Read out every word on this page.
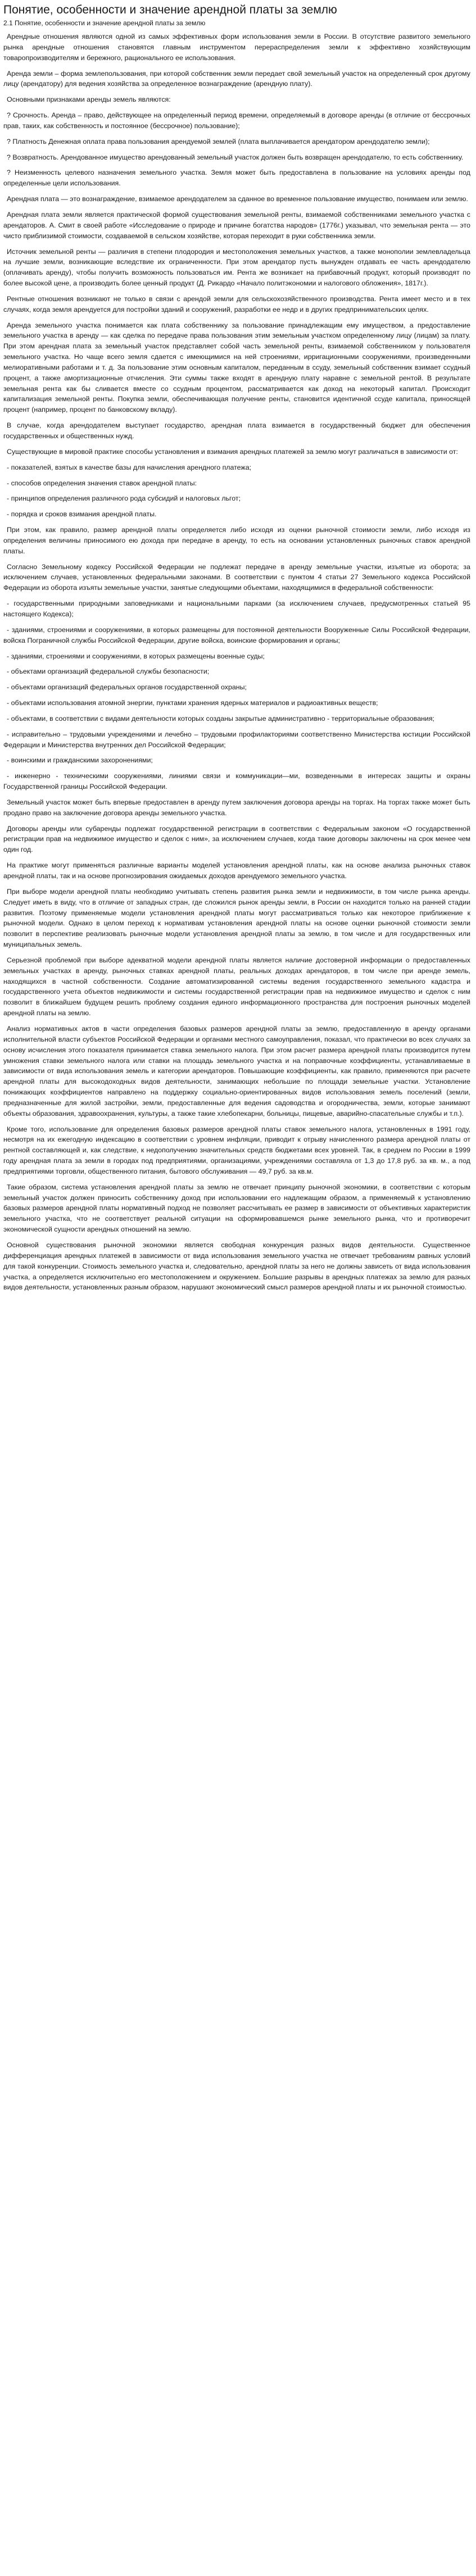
Понятие, особенности и значение арендной платы за землю
2.1 Понятие, особенности и значение арендной платы за землю

Арендные отношения являются одной из самых эффективных форм использования земли в России. В отсутствие развитого земельного рынка арендные отношения становятся главным инструментом перераспределения земли к эффективно хозяйствующим товаропроизводителям и бережного, рационального ее использования.

Аренда земли – форма землепользования, при которой собственник земли передает свой земельный участок на определенный срок другому лицу (арендатору) для ведения хозяйства за определенное вознаграждение (арендную плату).

Основными признаками аренды земель являются:

? Срочность. Аренда – право, действующее на определенный период времени, определяемый в договоре аренды (в отличие от бессрочных прав, таких, как собственность и постоянное (бессрочное) пользование);

? Платность Денежная оплата права пользования арендуемой землей (плата выплачивается арендатором арендодателю земли);

? Возвратность. Арендованное имущество арендованный земельный участок должен быть возвращен арендодателю, то есть собственнику.

? Неизменность целевого назначения земельного участка. Земля может быть предоставлена в пользование на условиях аренды под определенные цели использования.

Арендная плата — это вознаграждение, взимаемое арендодателем за сданное во временное пользование имущество, понимаем или землю.

Арендная плата земли является практической формой существования земельной ренты, взимаемой собственниками земельного участка с арендаторов. А. Смит в своей работе «Исследование о природе и причине богатства народов» (1776г.) указывал, что земельная рента — это чисто приблизимой стоимости, создаваемой в сельском хозяйстве, которая переходит в руки собственника земли.

Источник земельной ренты — различия в степени плодородия и местоположения земельных участков, а также монополии землевладельца на лучшие земли, возникающие вследствие их ограниченности. При этом арендатор пусть вынужден отдавать ее часть арендодателю (оплачивать аренду), чтобы получить возможность пользоваться им. Рента же возникает на прибавочный продукт, который производят по более высокой цене, а производить более ценный продукт (Д. Рикардо «Начало политэкономии и налогового обложения», 1817г.).

Рентные отношения возникают не только в связи с арендой земли для сельскохозяйственного производства. Рента имеет место и в тех случаях, когда земля арендуется для постройки зданий и сооружений, разработки ее недр и в других предпринимательских целях.

Аренда земельного участка понимается как плата собственнику за пользование принадлежащим ему имуществом, а предоставление земельного участка в аренду — как сделка по передаче права пользования этим земельным участком определенному лицу (лицам) за плату. При этом арендная плата за земельный участок представляет собой часть земельной ренты, взимаемой собственником у пользователя земельного участка. Но чаще всего земля сдается с имеющимися на ней строениями, ирригационными сооружениями, произведенными мелиоративными работами и т. д. За пользование этим основным капиталом, переданным в ссуду, земельный собственник взимает ссудный процент, а также амортизационные отчисления. Эти суммы также входят в арендную плату наравне с земельной рентой. В результате земельная рента как бы сливается вместе со ссудным процентом, рассматривается как доход на некоторый капитал. Происходит капитализация земельной ренты. Покупка земли, обеспечивающая получение ренты, становится идентичной ссуде капитала, приносящей процент (например, процент по банковскому вкладу).

В случае, когда арендодателем выступает государство, арендная плата взимается в государственный бюджет для обеспечения государственных и общественных нужд.

Существующие в мировой практике способы установления и взимания арендных платежей за землю могут различаться в зависимости от:

- показателей, взятых в качестве базы для начисления арендного платежа;

- способов определения значения ставок арендной платы:

- принципов определения различного рода субсидий и налоговых льгот;

- порядка и сроков взимания арендной платы.

При этом, как правило, размер арендной платы определяется либо исходя из оценки рыночной стоимости земли, либо исходя из определения величины приносимого ею дохода при передаче в аренду, то есть на основании установленных рыночных ставок арендной платы.

Согласно Земельному кодексу Российской Федерации не подлежат передаче в аренду земельные участки, изъятые из оборота; за исключением случаев, установленных федеральными законами. В соответствии с пунктом 4 статьи 27 Земельного кодекса Российской Федерации из оборота изъяты земельные участки, занятые следующими объектами, находящимися в федеральной собственности:

- государственными природными заповедниками и национальными парками (за исключением случаев, предусмотренных статьей 95 настоящего Кодекса);

- зданиями, строениями и сооружениями, в которых размещены для постоянной деятельности Вооруженные Силы Российской Федерации, войска Пограничной службы Российской Федерации, другие войска, воинские формирования и органы;

- зданиями, строениями и сооружениями, в которых размещены военные суды;

- объектами организаций федеральной службы безопасности;

- объектами организаций федеральных органов государственной охраны;

- объектами использования атомной энергии, пунктами хранения ядерных материалов и радиоактивных веществ;

- объектами, в соответствии с видами деятельности которых созданы закрытые административно - территориальные образования;

- исправительно – трудовыми учреждениями и лечебно – трудовыми профилакториями соответственно Министерства юстиции Российской Федерации и Министерства внутренних дел Российской Федерации;

- воинскими и гражданскими захоронениями;

- инженерно - техническими сооружениями, линиями связи и коммуникации—ми, возведенными в интересах защиты и охраны Государственной границы Российской Федерации.

Земельный участок может быть впервые предоставлен в аренду путем заключения договора аренды на торгах. На торгах также может быть продано право на заключение договора аренды земельного участка.

Договоры аренды или субаренды подлежат государственной регистрации в соответствии с Федеральным законом «О государственной регистрации прав на недвижимое имущество и сделок с ним», за исключением случаев, когда такие договоры заключены на срок менее чем один год.

На практике могут применяться различные варианты моделей установления арендной платы, как на основе анализа рыночных ставок арендной платы, так и на основе прогнозирования ожидаемых доходов арендуемого земельного участка.

При выборе модели арендной платы необходимо учитывать степень развития рынка земли и недвижимости, в том числе рынка аренды. Следует иметь в виду, что в отличие от западных стран, где сложился рынок аренды земли, в России он находится только на ранней стадии развития. Поэтому применяемые модели установления арендной платы могут рассматриваться только как некоторое приближение к рыночной модели. Однако в целом переход к нормативам установления арендной платы на основе оценки рыночной стоимости земли позволит в перспективе реализовать рыночные модели установления арендной платы за землю, в том числе и для государственных или муниципальных земель.

Серьезной проблемой при выборе адекватной модели арендной платы является наличие достоверной информации о предоставленных земельных участках в аренду, рыночных ставках арендной платы, реальных доходах арендаторов, в том числе при аренде земель, находящихся в частной собственности. Создание автоматизированной системы ведения государственного земельного кадастра и государственного учета объектов недвижимости и системы государственной регистрации прав на недвижимое имущество и сделок с ним позволит в ближайшем будущем решить проблему создания единого информационного пространства для построения рыночных моделей арендной платы на землю.

Анализ нормативных актов в части определения базовых размеров арендной платы за землю, предоставленную в аренду органами исполнительной власти субъектов Российской Федерации и органами местного самоуправления, показал, что практически во всех случаях за основу исчисления этого показателя принимается ставка земельного налога. При этом расчет размера арендной платы производится путем умножения ставки земельного налога или ставки на площадь земельного участка и на поправочные коэффициенты, устанавливаемые в зависимости от вида использования земель и категории арендаторов. Повышающие коэффициенты, как правило, применяются при расчете арендной платы для высокодоходных видов деятельности, занимающих небольшие по площади земельные участки. Установление понижающих коэффициентов направлено на поддержку социально-ориентированных видов использования земель поселений (земли, предназначенные для жилой застройки, земли, предоставленные для ведения садоводства и огородничества, земли, которые занимают объекты образования, здравоохранения, культуры, а также такие хлебопекарни, больницы, пищевые, аварийно-спасательные службы и т.п.).

Кроме того, использование для определения базовых размеров арендной платы ставок земельного налога, установленных в 1991 году, несмотря на их ежегодную индексацию в соответствии с уровнем инфляции, приводит к отрыву начисленного размера арендной платы от рентной составляющей и, как следствие, к недополучению значительных средств бюджетами всех уровней. Так, в среднем по России в 1999 году арендная плата за земли в городах под предприятиями, организациями, учреждениями составляла от 1,3 до 17,8 руб. за кв. м., а под предприятиями торговли, общественного питания, бытового обслуживания — 49,7 руб. за кв.м.

Такие образом, система установления арендной платы за землю не отвечает принципу рыночной экономики, в соответствии с которым земельный участок должен приносить собственнику доход при использовании его надлежащим образом, а применяемый к установлению базовых размеров арендной платы нормативный подход не позволяет рассчитывать ее размер в зависимости от объективных характеристик земельного участка, что не соответствует реальной ситуации на сформировавшемся рынке земельного рынка, что и противоречит экономической сущности арендных отношений на землю.

Основной существования рыночной экономики является свободная конкуренция разных видов деятельности. Существенное дифференциация арендных платежей в зависимости от вида использования земельного участка не отвечает требованиям равных условий для такой конкуренции. Стоимость земельного участка и, следовательно, арендной платы за него не должны зависеть от вида использования участка, а определяется исключительно его местоположением и окружением. Большие разрывы в арендных платежах за землю для разных видов деятельности, установленных разным образом, нарушают экономический смысл размеров арендной платы и их рыночной стоимостью.
